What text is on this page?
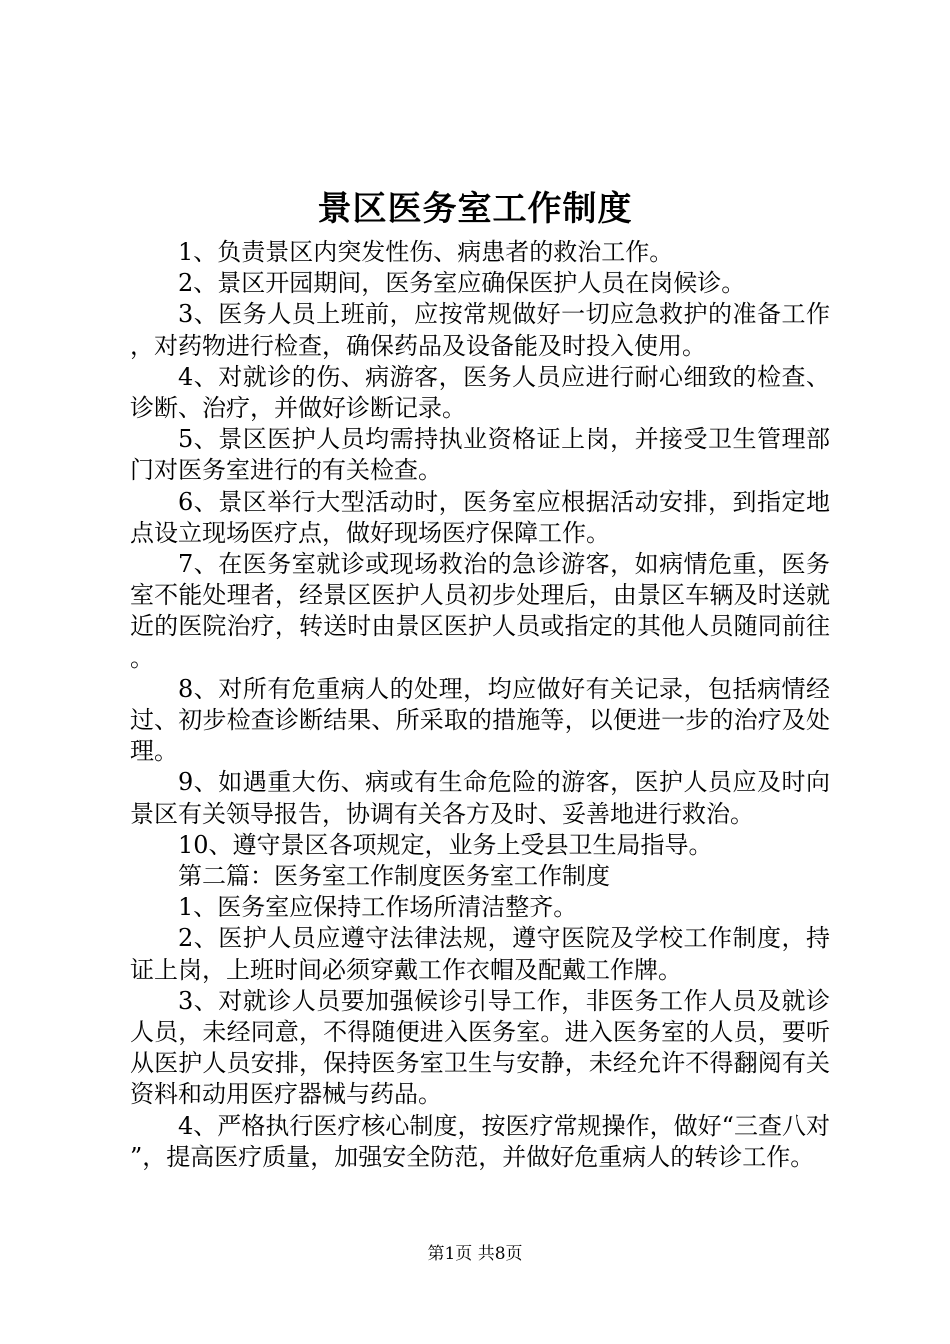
景区医务室工作制度

1、负责景区内突发性伤、病患者的救治工作。

2、景区开园期间，医务室应确保医护人员在岗候诊。

3、医务人员上班前，应按常规做好一切应急救护的准备工作，对药物进行检查，确保药品及设备能及时投入使用。

4、对就诊的伤、病游客，医务人员应进行耐心细致的检查、诊断、治疗，并做好诊断记录。

5、景区医护人员均需持执业资格证上岗，并接受卫生管理部门对医务室进行的有关检查。

6、景区举行大型活动时，医务室应根据活动安排，到指定地点设立现场医疗点，做好现场医疗保障工作。

7、在医务室就诊或现场救治的急诊游客，如病情危重，医务室不能处理者，经景区医护人员初步处理后，由景区车辆及时送就近的医院治疗，转送时由景区医护人员或指定的其他人员随同前往。

8、对所有危重病人的处理，均应做好有关记录，包括病情经过、初步检查诊断结果、所采取的措施等，以便进一步的治疗及处理。

9、如遇重大伤、病或有生命危险的游客，医护人员应及时向景区有关领导报告，协调有关各方及时、妥善地进行救治。

10、遵守景区各项规定，业务上受县卫生局指导。

第二篇：医务室工作制度医务室工作制度

1、医务室应保持工作场所清洁整齐。

2、医护人员应遵守法律法规，遵守医院及学校工作制度，持证上岗，上班时间必须穿戴工作衣帽及配戴工作牌。

3、对就诊人员要加强候诊引导工作，非医务工作人员及就诊人员，未经同意，不得随便进入医务室。进入医务室的人员，要听从医护人员安排，保持医务室卫生与安静，未经允许不得翻阅有关资料和动用医疗器械与药品。

4、严格执行医疗核心制度，按医疗常规操作，做好“三查八对”，提高医疗质量，加强安全防范，并做好危重病人的转诊工作。

第1页 共8页
